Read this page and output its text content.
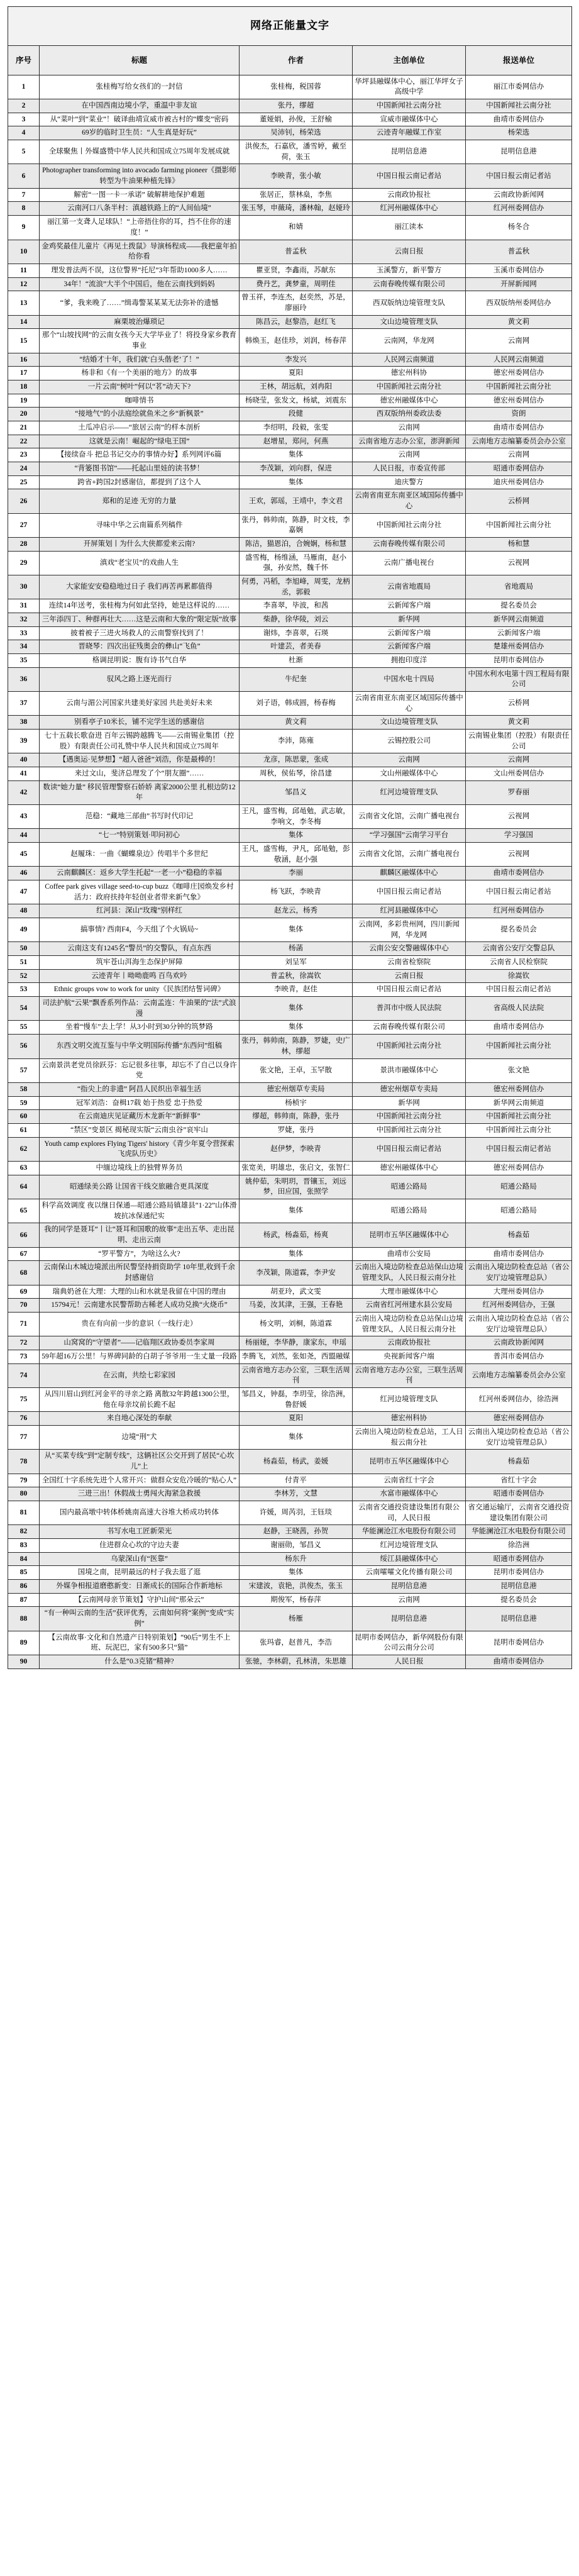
网络正能量文字				
序号	标题	作者	主创单位	报送单位
1	张桂梅写给女孩们的一封信	张桂梅，税国蓉	华坪县融媒体中心，丽江华坪女子高级中学	丽江市委网信办
2	在中国西南边境小学，重温中非友谊	张丹，缪超	中国新闻社云南分社	中国新闻社云南分社
3	从“菜叶”到“菜业”！破译曲靖宣威市被古村的“蝶变”密码	董娅娟，孙俊，王舒榆	宣威市融媒体中心	曲靖市委网信办
4	69岁的临时卫生员：“人生真是好玩”	吴沛钊，杨荣选	云迹青年融媒工作室	杨荣选
5	全球聚焦丨外媒盛赞中华人民共和国成立75周年发展成就	洪俊杰，石嘉欣，潘雪婷，戴至荷，张玉	昆明信息港	昆明信息港
6	Photographer transforming into avocado farming pioneer《摄影师转型为牛油果种植先锋》	李映青，张小敏	中国日报云南记者站	中国日报云南记者站
7	解密“一图一卡一承诺” 破解耕地保护难题	张居正，蔡林燊，李焦	云南政协报社	云南政协新闻网
8	云南河口八条半村：滇越铁路上的“人间仙境”	张玉琴，申薇琦，潘林翰，赵娅玲	红河州融媒体中心	红河州委网信办
9	丽江第一支聋人足球队！“上帝捂住你的耳，挡不住你的速度！”	和婧	丽江读本	杨冬合
10	金鸡奖最佳儿童片《再见土拨鼠》导演杨程成——我把童年拍给你看	普孟秋	云南日报	普孟秋
11	理发普法两不误，这位警界“托尼”3年帮助1000多人……	瞿亚贤，李鑫雨，苏献东	玉溪警方，新平警方	玉溪市委网信办
12	34年！“流浪”大半个中国后，他在云南找到妈妈	费丹艺，龚梦童，周明佳	云南春晚传媒有限公司	开屏新闻网
13	“爹，我来晚了……”缉毒警某某某无法弥补的遗憾	曾玉祥，李连杰，赵奕然，苏是，廖丽玲	西双版纳边境管理支队	西双版纳州委网信办
14	麻栗坡治爆琐记	陈昌云，赵黎浩，赵红飞	文山边境管理支队	黄文莉
15	那个“山坡找网”的云南女孩今天大学毕业了！将投身家乡教育事业	韩焕玉，赵佳珍，刘润，杨春萍	云南网，华龙网	云南网
16	“结婚才十年，我们就‘白头偕老’了！”	李发兴	人民网云南频道	人民网云南频道
17	杨非和《有一个美丽的地方》的故事	夏阳	德宏州科协	德宏州委网信办
18	一片云南“树叶”何以“茗”动天下?	王林，胡远航，刘冉阳	中国新闻社云南分社	中国新闻社云南分社
19	咖啡情书	杨晓莹，张发文，杨斌，刘震东	德宏州融媒体中心	德宏州委网信办
20	“接地气”的小法庭绘就鱼米之乡“新枫景”	段健	西双版纳州委政法委	资朗
21	土瓜冲启示——“旅居云南”的样本剖析	李绍明，段毅，张雯	云南网	曲靖市委网信办
22	这就是云南！崛起的“绿电王国”	赵增星，郑问，何燕	云南省地方志办公室，澎湃新闻	云南地方志编纂委员会办公室
23	【接续奋斗 把总书记交办的事情办好】系列网评6篇	集体	云南网	云南网
24	“背篓图书馆”——托起山里娃的读书梦！	李茂颖，刘向群，保进	人民日报，市委宣传部	昭通市委网信办
25	跨省+跨国2封感谢信，都提到了这个人	集体	迪庆警方	迪庆州委网信办
26	郑和的足迹 无穷的力量	王欢，郭瑶，王靖中，李文君	云南省南亚东南亚区域国际传播中心	云桥网
27	寻味中华之云南篇系列稿件	张丹，韩帅南，陈静，时文枝，李嘉娴	中国新闻社云南分社	中国新闻社云南分社
28	开屏策划丨为什么大侠都爱来云南?	陈洁，猫恩泊，合婉娴，杨和慧	云南春晚传媒有限公司	杨和慧
29	滇戏“老宝贝”的戏曲人生	盛雪梅，杨维涵，马雁南，赵小强，孙安然，魏千怀	云南广播电视台	云视网
30	大家能安安稳稳地过日子 我们再苦再累都值得	何勇，冯稻，李旭峰，周雯，龙柄丞，郭毅	云南省地震局	省地震局
31	连续14年送考，张桂梅为何如此坚持，她是这样说的……	李喜翠，毕波，和茜	云新闻客户端	提名委员会
32	三年添四丁、种群再壮大……这是云南和大象的“限定版”故事	柴静，徐华陵，刘云	新华网	新华网云南频道
33	披着被子三进火场救人的云南警察找到了！	谢炜，李喜翠，石瑛	云新闻客户端	云新闻客户端
34	晋晓琴：四次出征残奥会的彝山“飞鱼”	叶建芸，者美春	云新闻客户端	楚雄州委网信办
35	格调昆明说：腹有诗书气自华	杜渐	拥抱印度洋	昆明市委网信办
36	驭风之路上逐光而行	牛纪奎	中国水电十四局	中国水利水电第十四工程局有限公司
37	云南与湄公河国家共建美好家园 共赴美好未来	刘子语，韩成圆，杨春梅	云南省南亚东南亚区域国际传播中心	云桥网
38	别看亭子10米长，铺不完学生送的感谢信	黄文莉	文山边境管理支队	黄文莉
39	七十五载长歌奋进 百年云锡跨越腾飞——云南锡业集团（控股）有限责任公司礼赞中华人民共和国成立75周年	李沛，陈雍	云锡控股公司	云南锡业集团（控股）有限责任公司
40	【遇奥运·见梦想】“超人爸爸”刘浩，你是最棒的！	龙彦，陈思蒙，张成	云南网	云南网
41	来过文山，斐济总理发了个“朋友圈”……	周秋，侯佑琴，徐昌建	文山州融媒体中心	文山州委网信办
42	数读“她力量” 移民管理警察石娇娇 离家2000公里 扎根边防12年	邹昌义	红河边境管理支队	罗春丽
43	范稳：“藏地三部曲”书写时代印记	王凡，盛雪梅，邱黾勉，武志敏，李响文，李冬梅	云南省文化馆，云南广播电视台	云视网
44	“七一”特别策划·叩问初心	集体	“学习强国”云南学习平台	学习强国
45	赵履珠：一曲《蝴蝶泉边》传唱半个多世纪	王凡，盛雪梅，尹凡，邱黾勉，彭敬涵，赵小强	云南省文化馆，云南广播电视台	云视网
46	云南麒麟区：返乡大学生托起“一老一小”稳稳的幸福	李丽	麒麟区融媒体中心	曲靖市委网信办
47	Coffee park gives village seed-to-cup buzz《咖啡庄园焕发乡村活力：政府扶持年轻创业者带来新气象》	杨飞跃，李映青	中国日报云南记者站	中国日报云南记者站
48	红河县：深山“玫瑰”别样红	赵龙云，杨秀	红河县融媒体中心	红河州委网信办
49	搞事情? 西南F4，今天组了个火锅局~	集体	云南网，多彩贵州网，四川新闻网，华龙网	提名委员会
50	云南这支有1245名“警员”的交警队，有点东西	杨菡	云南公安交警融媒体中心	云南省公安厅交警总队
51	筑牢苍山洱海生态保护屏障	刘呈军	云南省检察院	云南省人民检察院
52	云迹青年丨呦呦鹿鸣 百鸟欢吟	普孟秋，徐嵩钦	云南日报	徐嵩钦
53	Ethnic groups vow to work for unity《民族团结誓词碑》	李映青，赵佳	中国日报云南记者站	中国日报云南记者站
54	司法护航“云果”飘香系列作品：云南孟连：牛油果的“法”式浪漫	集体	普洱市中级人民法院	省高级人民法院
55	坐着“慢车”去上学！从3小时到30分钟的筑梦路	集体	云南春晚传媒有限公司	曲靖市委网信办
56	东西文明交流互鉴与中华文明国际传播“东西问”组稿	张丹，韩帅南，陈静，罗婕，史广林，缪超	中国新闻社云南分社	中国新闻社云南分社
57	云南景洪老党员徐跃芬：忘记很多往事，却忘不了自己以身许党	张文艳，王卓，玉罕散	景洪市融媒体中心	张文艳
58	“指尖上的非遗” 阿昌人民织出幸福生活	德宏州烟草专卖局	德宏州烟草专卖局	德宏州委网信办
59	冠军刘浩：奋楫17载 始于热爱 忠于热爱	杨桢宇	新华网	新华网云南频道
60	在云南迪庆见证藏历木龙新年“新鲜事”	缪超，韩帅南，陈静，张丹	中国新闻社云南分社	中国新闻社云南分社
61	“禁区”变景区 揭秘现实版“云南虫谷”哀牢山	罗婕，张丹	中国新闻社云南分社	中国新闻社云南分社
62	Youth camp explores Flying Tigers' history《青少年夏令营探索飞虎队历史》	赵伊梦，李映青	中国日报云南记者站	中国日报云南记者站
63	中缅边境线上的独臂界务员	张宽美，明雄忠，张启文，张智仁	德宏州融媒体中心	德宏州委网信办
64	昭通绿美公路 让国省干线交旅融合更具深度	姚仲茹，朱明玥，晋镶玉，刘远梦，田应国，张照学	昭通公路局	昭通公路局
65	科学高效调度 夜以继日保通—昭通公路局镇雄县“1·22”山体滑坡抗冰保通纪实	集体	昭通公路局	昭通公路局
66	我的同学是聂耳”丨让“聂耳和国歌的故事”走出五华、走出昆明、走出云南	杨武，杨淼茹，杨爽	昆明市五华区融媒体中心	杨淼茹
67	“罗平警方”，为啥这么火?	集体	曲靖市公安局	曲靖市委网信办
68	云南保山木城边境派出所民警坚持捐资助学 10年里,收到千余封感谢信	李茂颖，陈道霖，李尹安	云南出入境边防检查总站保山边境管理支队，人民日报云南分社	云南出入境边防检查总站（省公安厅边境管理总队）
69	瑞典奶爸在大理：大理的山和水就是我留在中国的理由	胡亚玲，武文雯	大理市融媒体中心	大理州委网信办
70	15794元！云南建水民警帮助古稀老人成功兑换“火烧币”	马姜，汝其津，王强，王春艳	云南省红河州建水县公安局	红河州委网信办，王强
71	贵在有向前一步的意识（一线行走）	杨文明，刘桐，陈道霖	云南出入境边防检查总站保山边境管理支队，人民日报云南分社	云南出入境边防检查总站（省公安厅边境管理总队）
72	山窝窝的“守望者”——记临翔区政协委员李家周	杨丽娅，李华静，康家东，申瑶	云南政协报社	云南政协新闻网
73	59年超16万公里！与界碑同龄的白胡子爷爷用一生丈量一段路	李腾飞，刘然，张如尧，西盟融媒	央视新闻客户端	普洱市委网信办
74	在云南，共绘七彩家园	云南省地方志办公室，三联生活周刊	云南省地方志办公室，三联生活周刊	云南地方志编纂委员会办公室
75	从四川眉山到红河金平的寻亲之路 离散32年跨越1300公里，他在母亲坟前长跪不起	邹昌义，钟磊，李玥莹，徐浩洲，鲁舒媛	红河边境管理支队	红河州委网信办，徐浩洲
76	来自地心深处的奉献	夏阳	德宏州科协	德宏州委网信办
77	边境“刑”犬	集体	云南出入境边防检查总站，工人日报云南分社	云南出入境边防检查总站（省公安厅边境管理总队）
78	从“买菜专线”到“定制专线”，这辆社区公交开到了居民“心坎儿”上	杨淼茹，杨武，姜媛	昆明市五华区融媒体中心	杨淼茹
79	全国红十字系统先进个人常开兴：做群众安危冷暖的“贴心人”	付青平	云南省红十字会	省红十字会
80	三进三出！休假战士勇闯火海紧急救援	李林芳，文慧	水富市融媒体中心	昭通市委网信办
81	国内最高墩中转体桥姚南高速大谷堆大桥成功转体	许媛，周芮羽，王钰琰	云南省交通投资建设集团有限公司，人民日报	省交通运输厅，云南省交通投资建设集团有限公司
82	书写水电工匠新荣光	赵静，王晓茜，孙贺	华能澜沧江水电股份有限公司	华能澜沧江水电股份有限公司
83	住进群众心坎的守边夫妻	谢丽勋，邹昌义	红河边境管理支队	徐浩洲
84	乌蒙深山有“医靠”	杨东升	绥江县融媒体中心	昭通市委网信办
85	国境之南，昆明最远的村子我去逛了逛	集体	云南嚯嚯文化传播有限公司	昆明市委网信办
86	外媒争相报道磨憨新变：日渐成长的国际合作新地标	宋建波，袁艳，洪俊杰，张玉	昆明信息港	昆明信息港
87	【云南网母亲节策划】守护山间“那朵云”	期俊军，杨春萍	云南网	提名委员会
88	“有一种叫云南的生活”获评优秀，云南如何将“案例“变成“实例”	杨雁	昆明信息港	昆明信息港
89	【云南故事·文化和自然遗产日特别策划】“90后”男生不上班、玩泥巴，家有500多只“猫”	张玛睿，赵普凡，李浩	昆明市委网信办，新华网股份有限公司云南分公司	昆明市委网信办
90	什么是“0.3克锗”精神?	张驰，李林蔚，孔林清，朱思雄	人民日报	曲靖市委网信办
